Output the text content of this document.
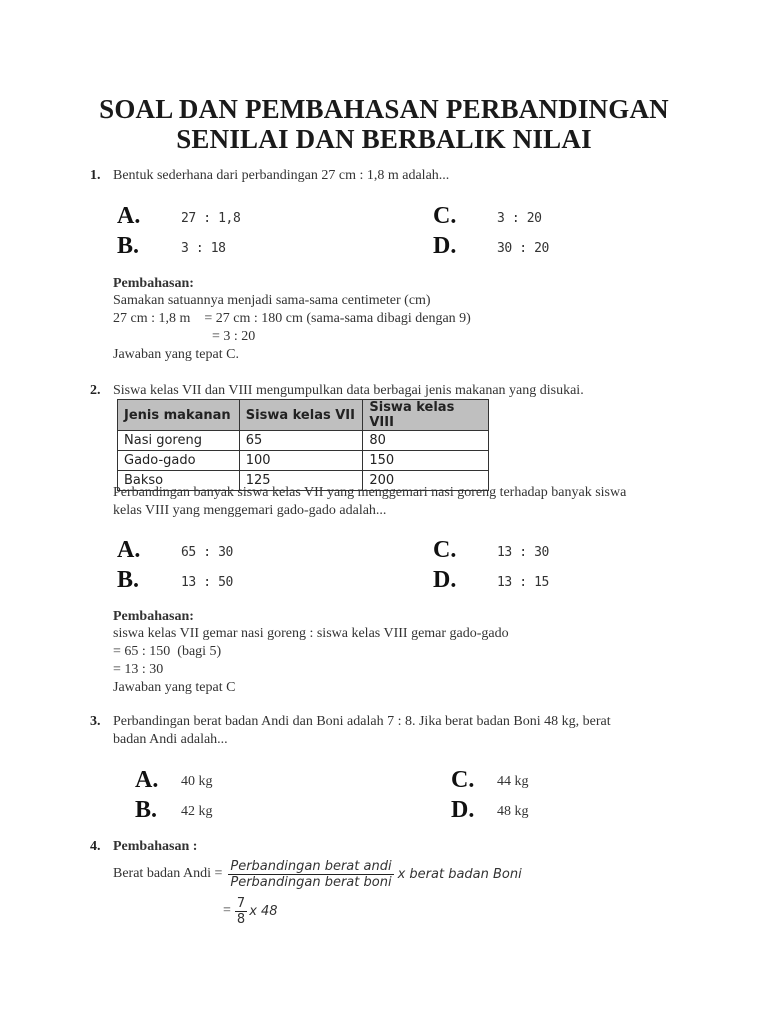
SOAL DAN PEMBAHASAN PERBANDINGAN
SENILAI DAN BERBALIK NILAI
1. Bentuk sederhana dari perbandingan 27 cm : 1,8 m adalah...
A.	27 : 1,8
B.	3 : 18
C.	3 : 20
D.	30 : 20
Pembahasan:
Samakan satuannya menjadi sama-sama centimeter (cm)
27 cm : 1,8 m    = 27 cm : 180 cm (sama-sama dibagi dengan 9)
= 3 : 20
Jawaban yang tepat C.
2. Siswa kelas VII dan VIII mengumpulkan data berbagai jenis makanan yang disukai.
Jenis makanan	Siswa kelas VII	Siswa kelas VIII
Nasi goreng	65	80
Gado-gado	100	150
Bakso	125	200
Perbandingan banyak siswa kelas VII yang menggemari nasi goreng terhadap banyak siswa
kelas VIII yang menggemari gado-gado adalah...
A.	65 : 30
B.	13 : 50
C.	13 : 30
D.	13 : 15
Pembahasan:
siswa kelas VII gemar nasi goreng : siswa kelas VIII gemar gado-gado
= 65 : 150  (bagi 5)
= 13 : 30
Jawaban yang tepat C
3. Perbandingan berat badan Andi dan Boni adalah 7 : 8. Jika berat badan Boni 48 kg, berat
badan Andi adalah...
A. 40 kg
B. 42 kg
C. 44 kg
D. 48 kg
4. Pembahasan :
Berat badan Andi = $\frac{\text{Perbandingan berat andi}}{\text{Perbandingan berat boni}}$ x berat badan Boni
= $\frac{7}{8}$ x 48
